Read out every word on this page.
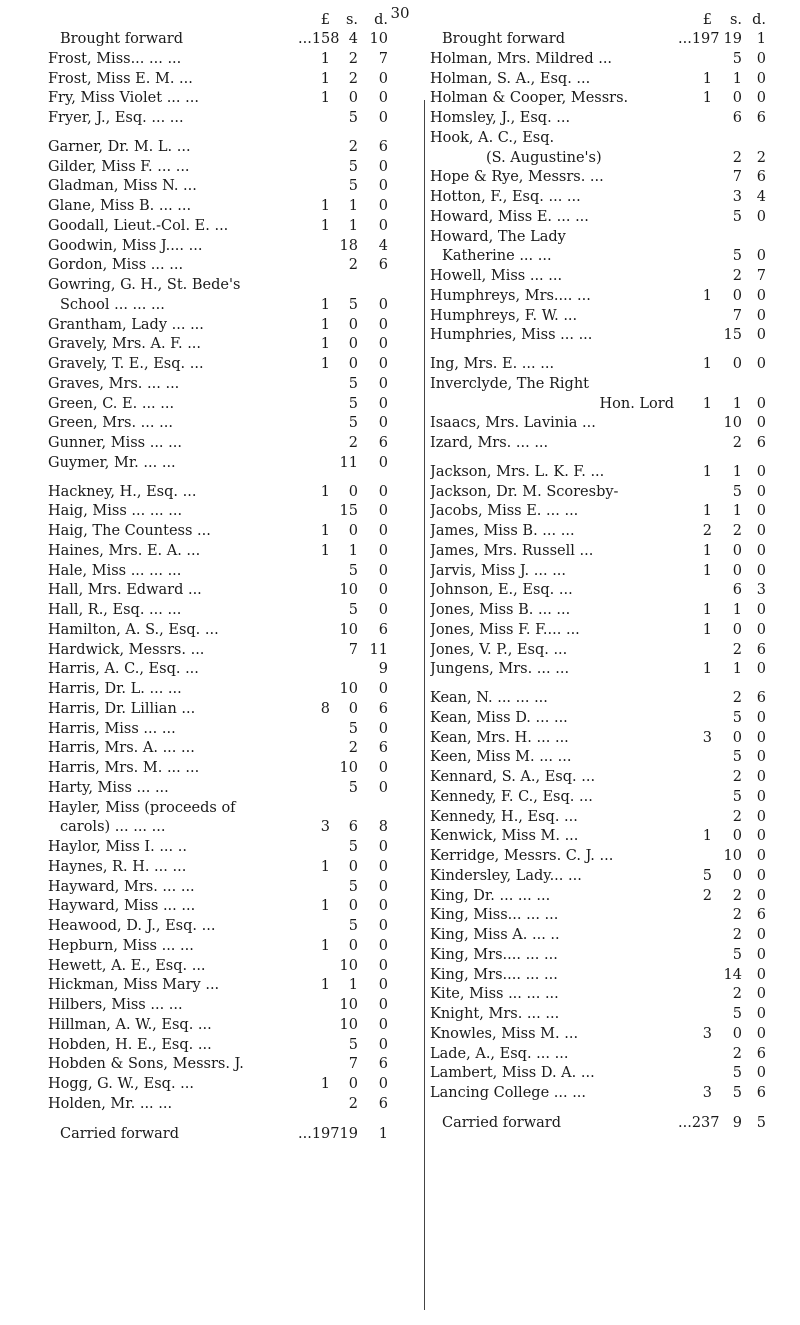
30
£	s.	d.
Brought forward	...158 4 10
Frost, Miss... ... ...	1	2	7
Frost, Miss E. M. ...	1	2	0
Fry, Miss Violet ... ...	1	0	0
Fryer, J., Esq. ... ...	5	0
Garner, Dr. M. L. ...	2	6
Gilder, Miss F. ... ...	5	0
Gladman, Miss N. ...	5	0
Glane, Miss B. ... ...	1	1	0
Goodall, Lieut.-Col. E. ...	1	1	0
Goodwin, Miss J.... ...	18	4
Gordon, Miss ... ...	2	6
Gowring, G. H., St. Bede's
School ... ... ...	1	5	0
Grantham, Lady ... ...	1	0	0
Gravely, Mrs. A. F. ...	1	0	0
Gravely, T. E., Esq. ...	1	0	0
Graves, Mrs. ... ...	5	0
Green, C. E. ... ...	5	0
Green, Mrs. ... ...	5	0
Gunner, Miss ... ...	2	6
Guymer, Mr. ... ...	11	0
Hackney, H., Esq. ...	1	0	0
Haig, Miss ... ... ...	15	0
Haig, The Countess ...	1	0	0
Haines, Mrs. E. A. ...	1	1	0
Hale, Miss ... ... ...	5	0
Hall, Mrs. Edward ...	10	0
Hall, R., Esq. ... ...	5	0
Hamilton, A. S., Esq. ...	10	6
Hardwick, Messrs. ...	7 11
Harris, A. C., Esq. ...	9
Harris, Dr. L. ... ...	10	0
Harris, Dr. Lillian ...	8	0	6
Harris, Miss ... ...	5	0
Harris, Mrs. A. ... ...	2	6
Harris, Mrs. M. ... ...	10	0
Harty, Miss ... ...	5	0
Hayler, Miss (proceeds of
carols) ... ... ...	3	6	8
Haylor, Miss I. ... ..	5	0
Haynes, R. H. ... ...	1	0	0
Hayward, Mrs. ... ...	5	0
Hayward, Miss ... ...	1	0	0
Heawood, D. J., Esq. ...	5	0
Hepburn, Miss ... ...	1	0	0
Hewett, A. E., Esq. ...	10	0
Hickman, Miss Mary ...	1	1	0
Hilbers, Miss ... ...	10	0
Hillman, A. W., Esq. ...	10	0
Hobden, H. E., Esq. ...	5	0
Hobden & Sons, Messrs. J.	7	6
Hogg, G. W., Esq. ...	1	0	0
Holden, Mr. ... ...	2	6
Carried forward	...197 19	1
£	s. d.
Brought forward	...197 19	1
Holman, Mrs. Mildred ...	5	0
Holman, S. A., Esq. ...	1	1	0
Holman & Cooper, Messrs.	1	0	0
Homsley, J., Esq. ...	6	6
Hook, A. C., Esq.
(S. Augustine's)	2	2
Hope & Rye, Messrs. ...	7	6
Hotton, F., Esq. ... ...	3	4
Howard, Miss E. ... ...	5	0
Howard, The Lady
Katherine ... ...	5	0
Howell, Miss ... ...	2	7
Humphreys, Mrs.... ...	1	0	0
Humphreys, F. W. ...	7	0
Humphries, Miss ... ...	15	0
Ing, Mrs. E. ... ...	1	0	0
Inverclyde, The Right

Hon. Lord	1	1	0
Isaacs, Mrs. Lavinia ...	10	0
Izard, Mrs. ... ...	2	6
Jackson, Mrs. L. K. F. ...	1	1	0
Jackson, Dr. M. Scoresby-	5	0
Jacobs, Miss E. ... ...	1	1	0
James, Miss B. ... ...	2	2	0
James, Mrs. Russell ...	1	0	0
Jarvis, Miss J. ... ...	1	0	0
Johnson, E., Esq. ...	6	3
Jones, Miss B. ... ...	1	1	0
Jones, Miss F. F.... ...	1	0	0
Jones, V. P., Esq. ...	2	6
Jungens, Mrs. ... ...	1	1	0
Kean, N. ... ... ...	2	6
Kean, Miss D. ... ...	5	0
Kean, Mrs. H. ... ...	3	0	0
Keen, Miss M. ... ...	5	0
Kennard, S. A., Esq. ...	2	0
Kennedy, F. C., Esq. ...	5	0
Kennedy, H., Esq. ...	2	0
Kenwick, Miss M. ...	1	0	0
Kerridge, Messrs. C. J. ...	10	0
Kindersley, Lady... ...	5	0	0
King, Dr. ... ... ...	2	2	0
King, Miss... ... ...	2	6
King, Miss A. ... ..	2	0
King, Mrs.... ... ...	5	0
King, Mrs.... ... ...	14	0
Kite, Miss ... ... ...	2	0
Knight, Mrs. ... ...	5	0
Knowles, Miss M. ...	3	0	0
Lade, A., Esq. ... ...	2	6
Lambert, Miss D. A. ...	5	0
Lancing College ... ...	3	5	6
Carried forward	...237 9	5
